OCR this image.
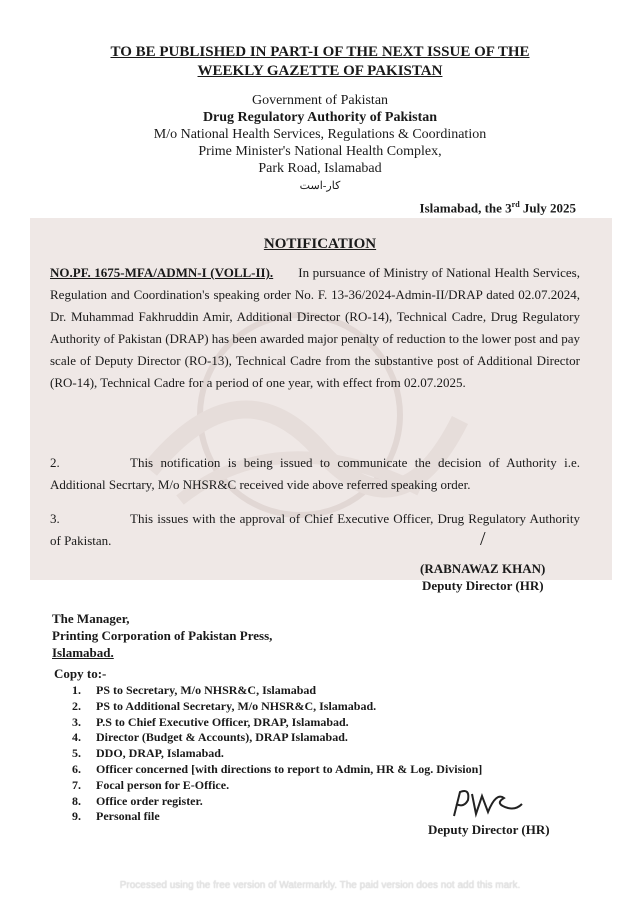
TO BE PUBLISHED IN PART-I OF THE NEXT ISSUE OF THE
WEEKLY GAZETTE OF PAKISTAN
Government of Pakistan
Drug Regulatory Authority of Pakistan
M/o National Health Services, Regulations & Coordination
Prime Minister's National Health Complex,
Park Road, Islamabad
کار-است
Islamabad, the 3rd July 2025
NOTIFICATION
NO.PF. 1675-MFA/ADMN-I (VOLL-II). In pursuance of Ministry of National Health Services, Regulation and Coordination's speaking order No. F. 13-36/2024-Admin-II/DRAP dated 02.07.2024, Dr. Muhammad Fakhruddin Amir, Additional Director (RO-14), Technical Cadre, Drug Regulatory Authority of Pakistan (DRAP) has been awarded major penalty of reduction to the lower post and pay scale of Deputy Director (RO-13), Technical Cadre from the substantive post of Additional Director (RO-14), Technical Cadre for a period of one year, with effect from 02.07.2025.
2.	This notification is being issued to communicate the decision of Authority i.e. Additional Secrtary, M/o NHSR&C received vide above referred speaking order.
3.	This issues with the approval of Chief Executive Officer, Drug Regulatory Authority of Pakistan.	/
(RABNAWAZ KHAN)
Deputy Director (HR)
The Manager,
Printing Corporation of Pakistan Press,
Islamabad.
Copy to:-
1. PS to Secretary, M/o NHSR&C, Islamabad
2. PS to Additional Secretary, M/o NHSR&C, Islamabad.
3. P.S to Chief Executive Officer, DRAP, Islamabad.
4. Director (Budget & Accounts), DRAP Islamabad.
5. DDO, DRAP, Islamabad.
6. Officer concerned [with directions to report to Admin, HR & Log. Division]
7. Focal person for E-Office.
8. Office order register.
9. Personal file
Deputy Director (HR)
Processed using the free version of Watermarkly. The paid version does not add this mark.
